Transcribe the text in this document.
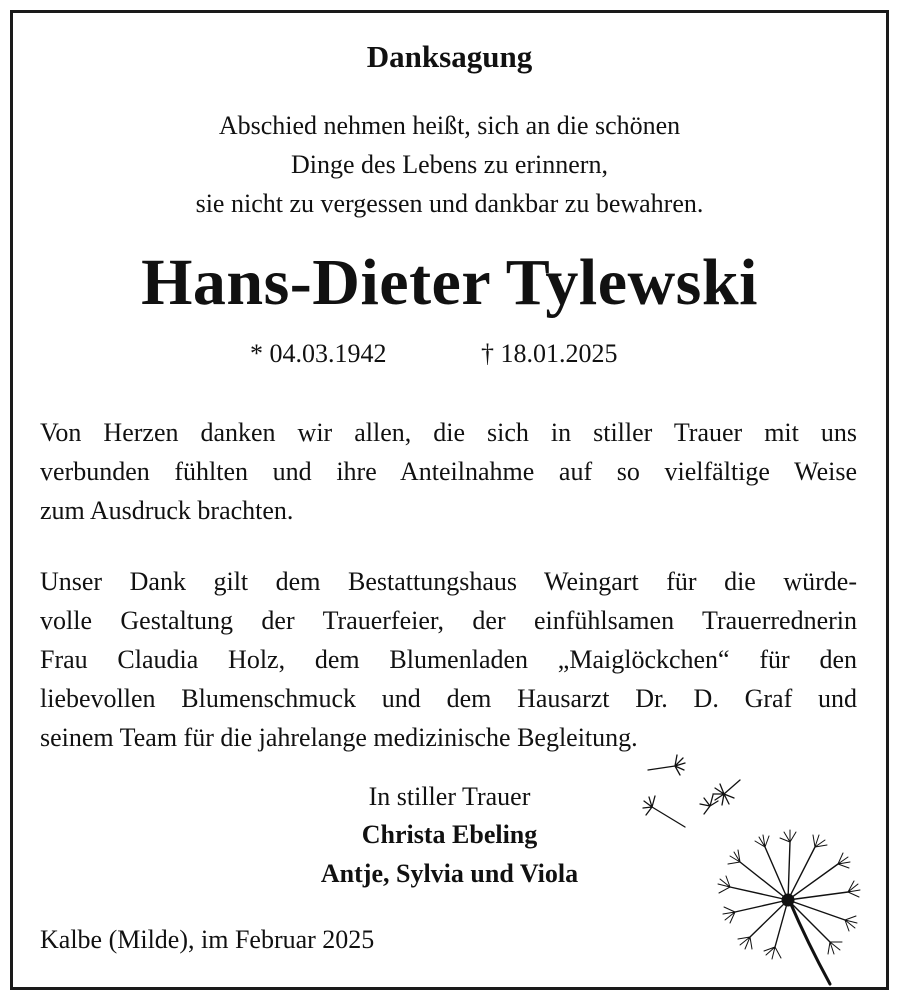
Danksagung
Abschied nehmen heißt, sich an die schönen
Dinge des Lebens zu erinnern,
sie nicht zu vergessen und dankbar zu bewahren.
Hans-Dieter Tylewski
* 04.03.1942	† 18.01.2025
Von Herzen danken wir allen, die sich in stiller Trauer mit uns
verbunden fühlten und ihre Anteilnahme auf so vielfältige Weise
zum Ausdruck brachten.
Unser Dank gilt dem Bestattungshaus Weingart für die würde-
volle Gestaltung der Trauerfeier, der einfühlsamen Trauerrednerin
Frau Claudia Holz, dem Blumenladen „Maiglöckchen“ für den
liebevollen Blumenschmuck und dem Hausarzt Dr. D. Graf und
seinem Team für die jahrelange medizinische Begleitung.
In stiller Trauer
Christa Ebeling
Antje, Sylvia und Viola
Kalbe (Milde), im Februar 2025
